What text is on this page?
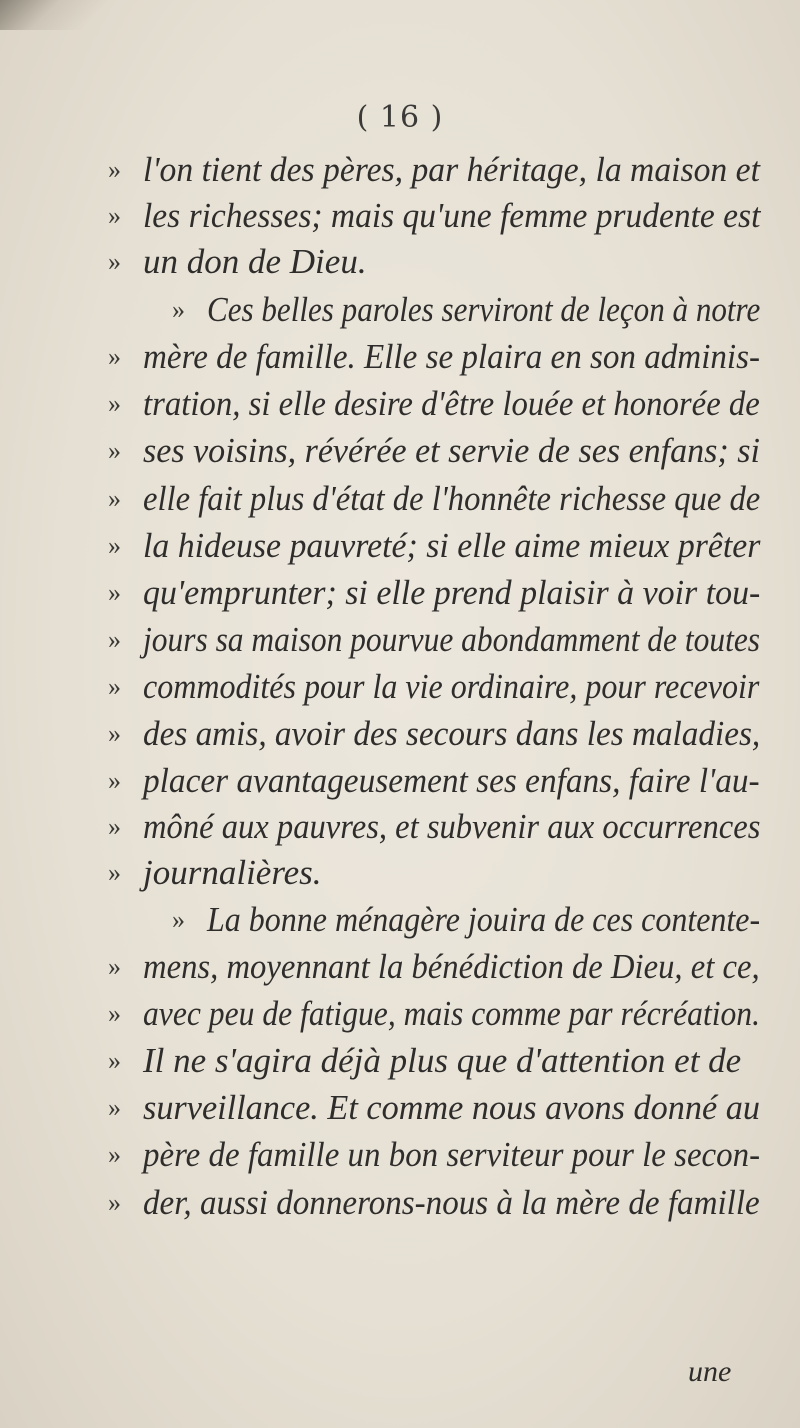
( 16 )
» l'on tient des pères, par héritage, la maison et
» les richesses; mais qu'une femme prudente est
» un don de Dieu.
» Ces belles paroles serviront de leçon à notre
» mère de famille. Elle se plaira en son adminis-
» tration, si elle desire d'être louée et honorée de
» ses voisins, révérée et servie de ses enfans; si
» elle fait plus d'état de l'honnête richesse que de
» la hideuse pauvreté; si elle aime mieux prêter
» qu'emprunter; si elle prend plaisir à voir tou-
» jours sa maison pourvue abondamment de toutes
» commodités pour la vie ordinaire, pour recevoir
» des amis, avoir des secours dans les maladies,
» placer avantageusement ses enfans, faire l'au-
» môné aux pauvres, et subvenir aux occurrences
» journalières.
» La bonne ménagère jouira de ces contente-
» mens, moyennant la bénédiction de Dieu, et ce,
» avec peu de fatigue, mais comme par récréation.
» Il ne s'agira déjà plus que d'attention et de
» surveillance. Et comme nous avons donné au
» père de famille un bon serviteur pour le secon-
» der, aussi donnerons-nous à la mère de famille
une
